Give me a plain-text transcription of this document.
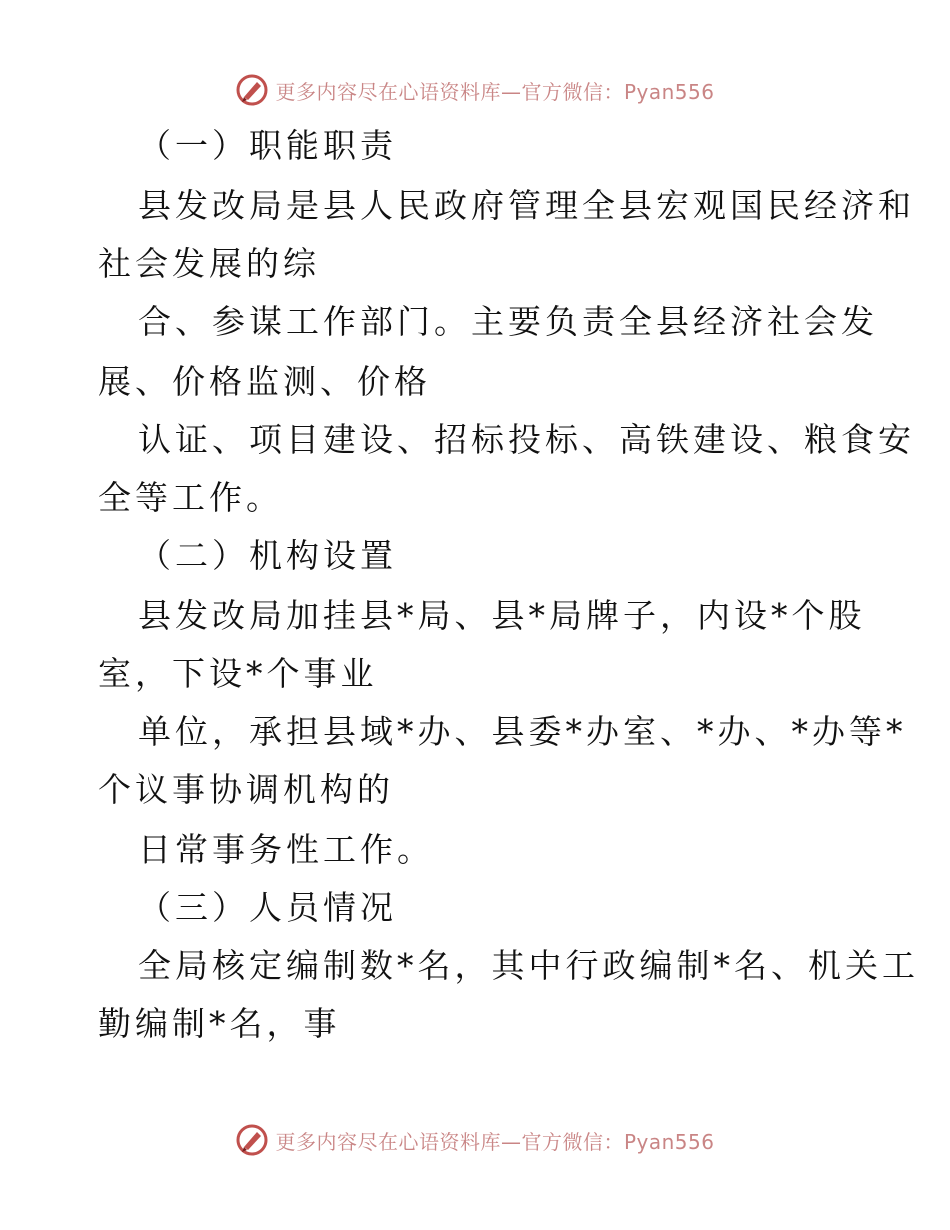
更多内容尽在心语资料库—官方微信：Pyan556
（一）职能职责
县发改局是县人民政府管理全县宏观国民经济和
社会发展的综
合、参谋工作部门。主要负责全县经济社会发
展、价格监测、价格
认证、项目建设、招标投标、高铁建设、粮食安
全等工作。
（二）机构设置
县发改局加挂县*局、县*局牌子，内设*个股
室，下设*个事业
单位，承担县域*办、县委*办室、*办、*办等*
个议事协调机构的
日常事务性工作。
（三）人员情况
全局核定编制数*名，其中行政编制*名、机关工
勤编制*名，事
更多内容尽在心语资料库—官方微信：Pyan556
